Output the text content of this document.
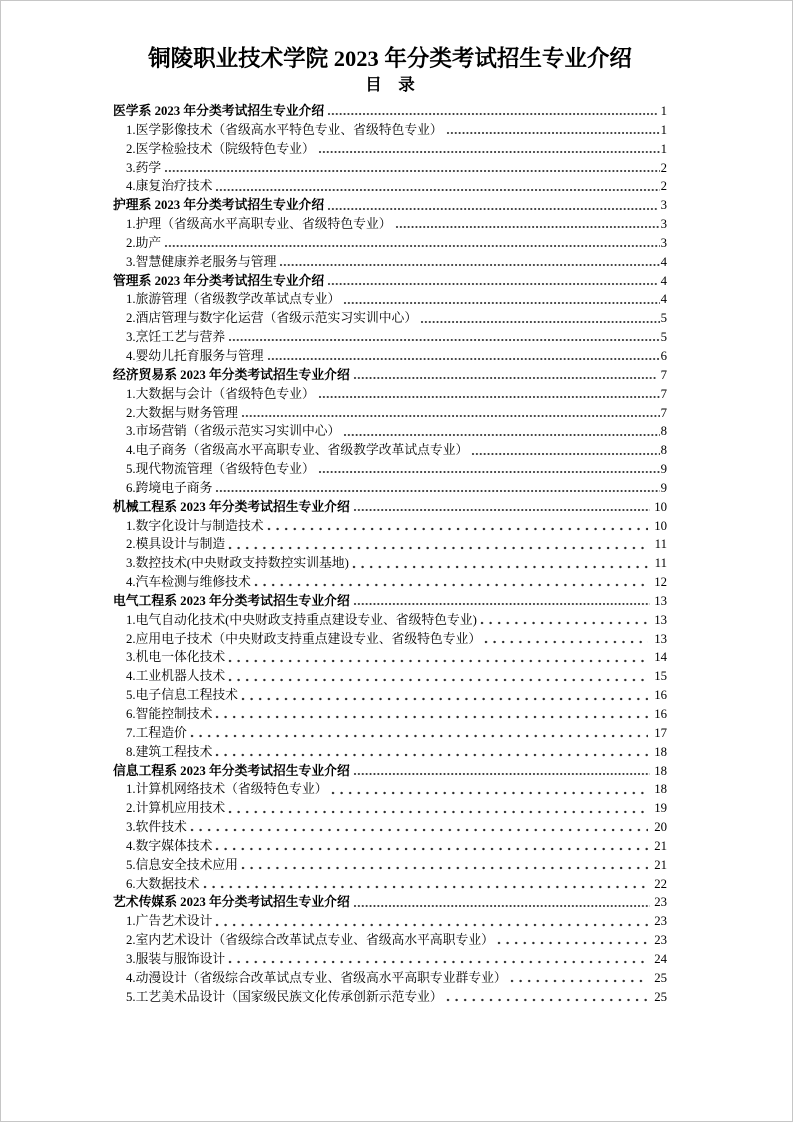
铜陵职业技术学院 2023 年分类考试招生专业介绍
目　录
医学系 2023 年分类考试招生专业介绍	1
1.医学影像技术（省级高水平特色专业、省级特色专业）	1
2.医学检验技术（院级特色专业）	1
3.药学	2
4.康复治疗技术	2
护理系 2023 年分类考试招生专业介绍	3
1.护理（省级高水平高职专业、省级特色专业）	3
2.助产	3
3.智慧健康养老服务与管理	4
管理系 2023 年分类考试招生专业介绍	4
1.旅游管理（省级教学改革试点专业）	4
2.酒店管理与数字化运营（省级示范实习实训中心）	5
3.烹饪工艺与营养	5
4.婴幼儿托育服务与管理	6
经济贸易系 2023 年分类考试招生专业介绍	7
1.大数据与会计（省级特色专业）	7
2.大数据与财务管理	7
3.市场营销（省级示范实习实训中心）	8
4.电子商务（省级高水平高职专业、省级教学改革试点专业）	8
5.现代物流管理（省级特色专业）	9
6.跨境电子商务	9
机械工程系 2023 年分类考试招生专业介绍	10
1.数字化设计与制造技术	10
2.模具设计与制造	11
3.数控技术(中央财政支持数控实训基地)	11
4.汽车检测与维修技术	12
电气工程系 2023 年分类考试招生专业介绍	13
1.电气自动化技术(中央财政支持重点建设专业、省级特色专业)	13
2.应用电子技术（中央财政支持重点建设专业、省级特色专业）	13
3.机电一体化技术	14
4.工业机器人技术	15
5.电子信息工程技术	16
6.智能控制技术	16
7.工程造价	17
8.建筑工程技术	18
信息工程系 2023 年分类考试招生专业介绍	18
1.计算机网络技术（省级特色专业）	18
2.计算机应用技术	19
3.软件技术	20
4.数字媒体技术	21
5.信息安全技术应用	21
6.大数据技术	22
艺术传媒系 2023 年分类考试招生专业介绍	23
1.广告艺术设计	23
2.室内艺术设计（省级综合改革试点专业、省级高水平高职专业）	23
3.服装与服饰设计	24
4.动漫设计（省级综合改革试点专业、省级高水平高职专业群专业）	25
5.工艺美术品设计（国家级民族文化传承创新示范专业）	25
